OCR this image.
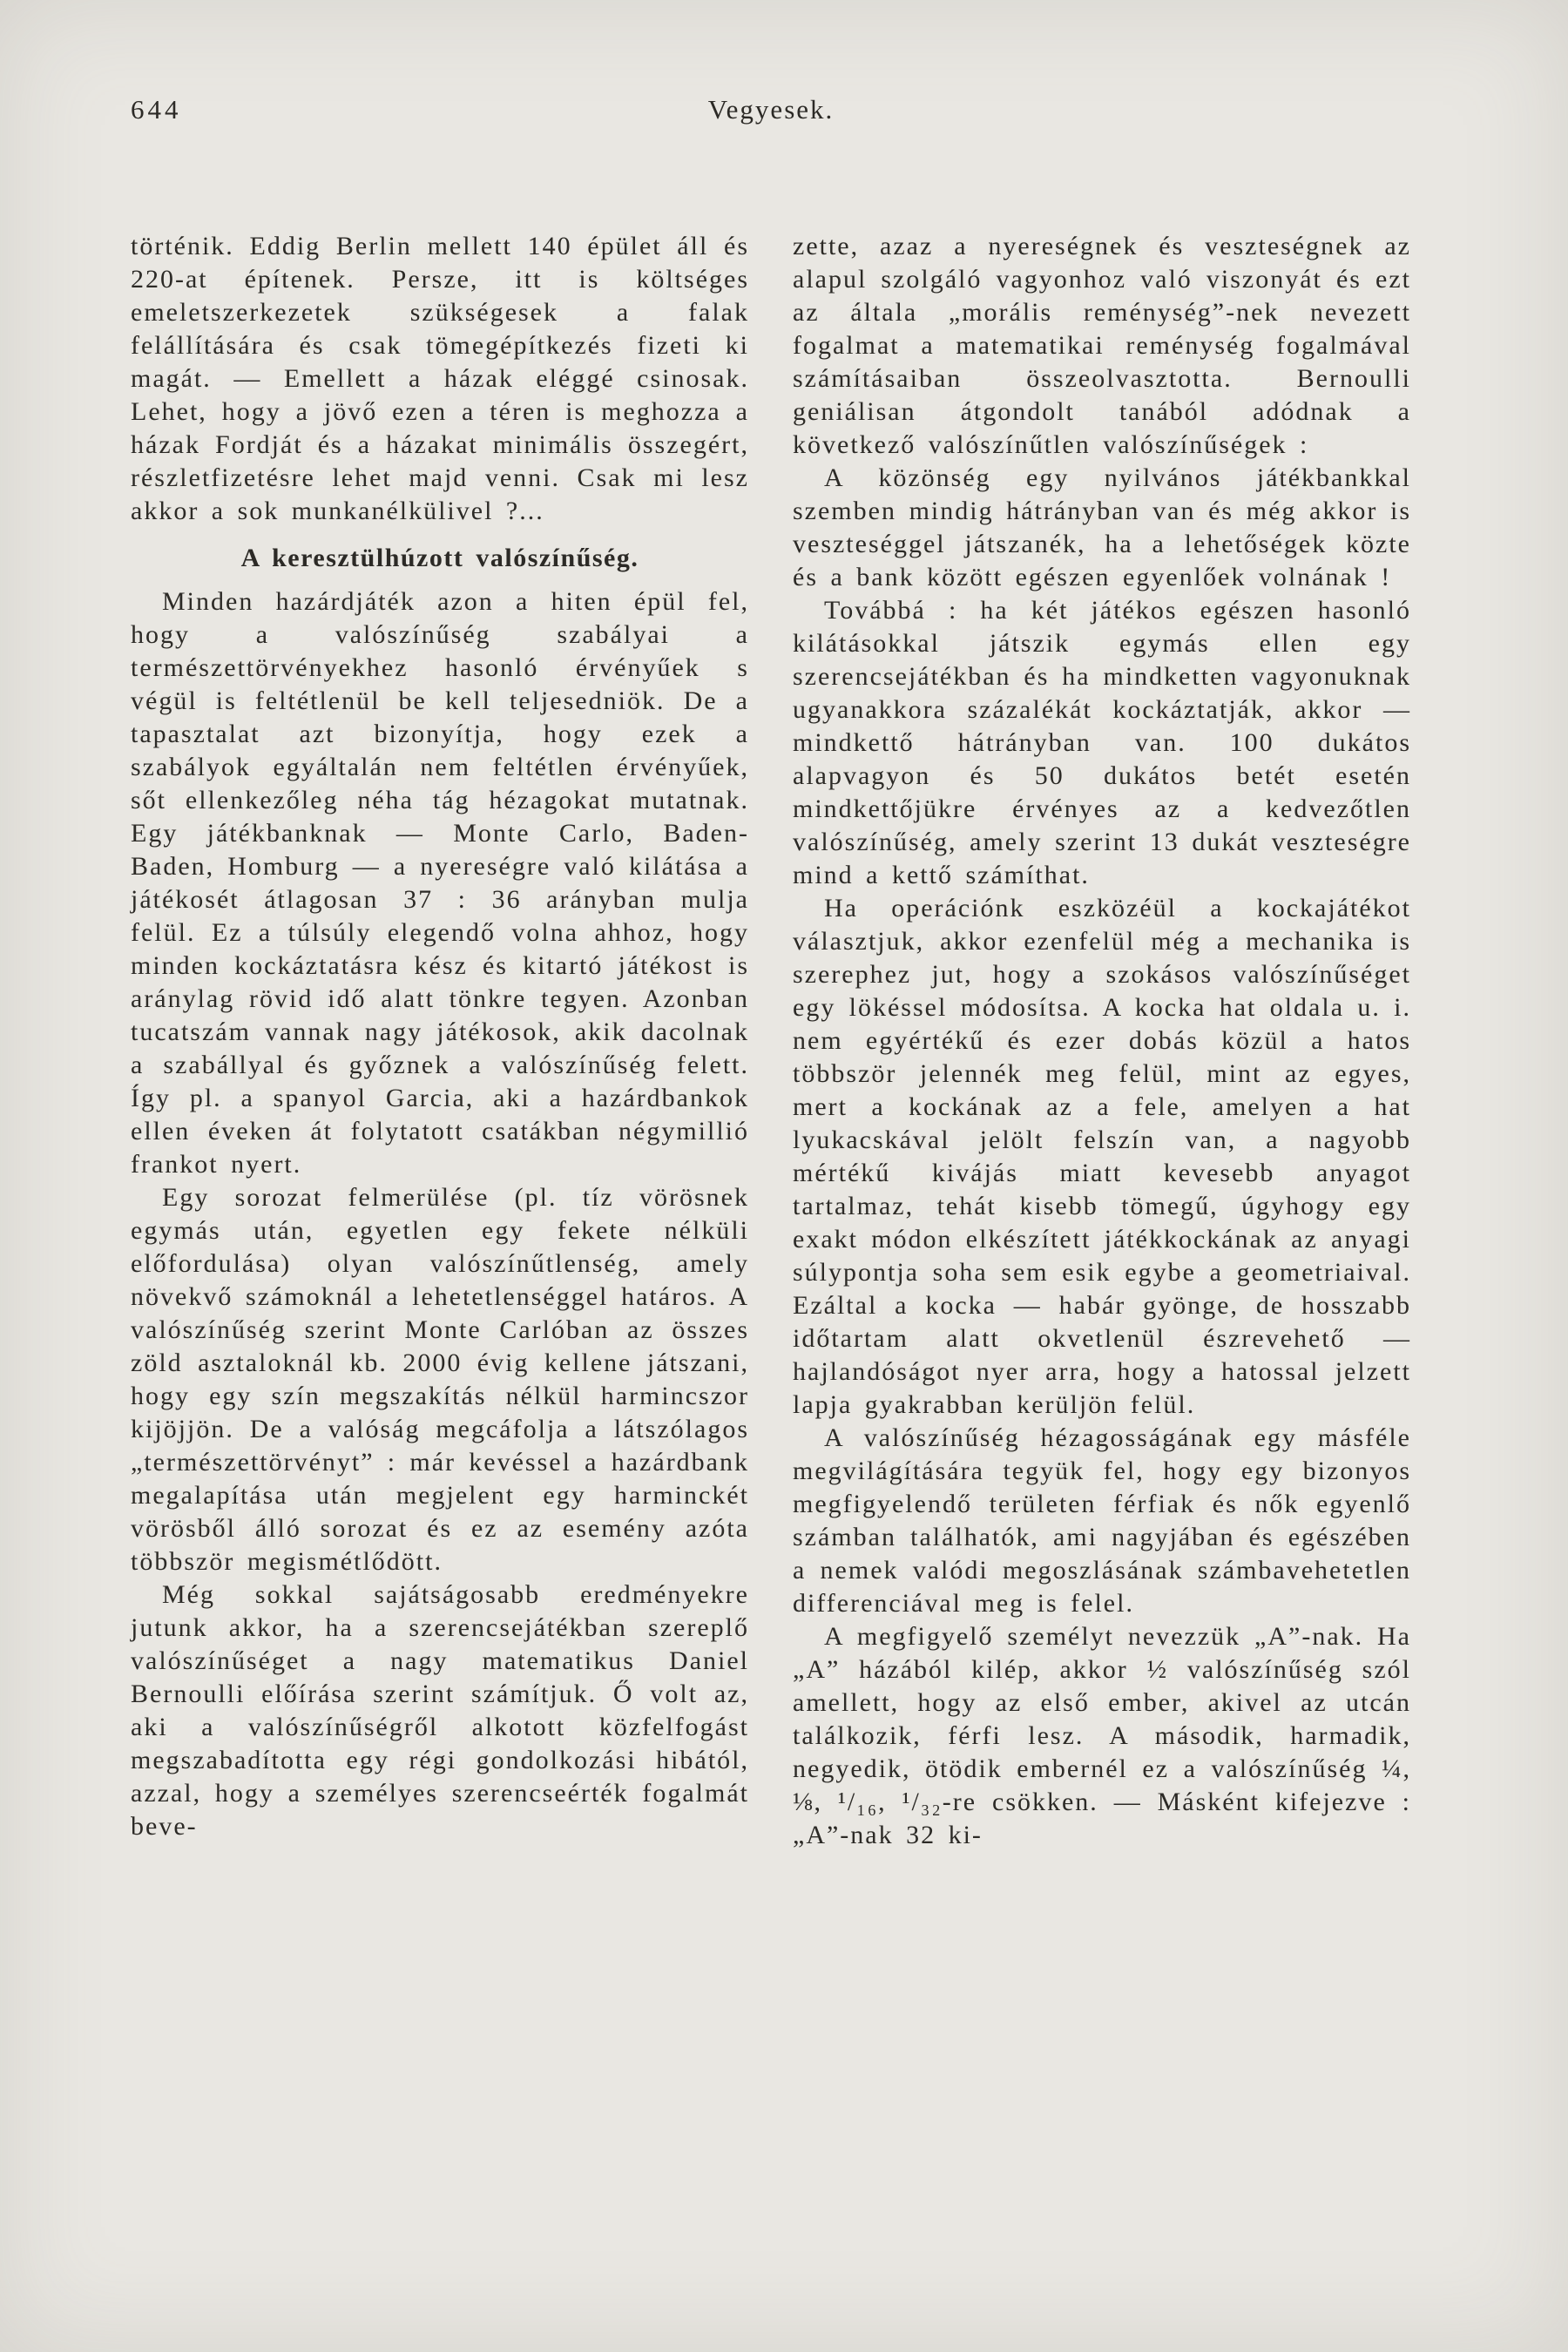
644	Vegyesek.

történik. Eddig Berlin mellett 140 épület áll és 220-at építenek. Persze, itt is költséges emeletszerkezetek szükségesek a falak felállítására és csak tömegépítkezés fizeti ki magát. — Emellett a házak eléggé csinosak. Lehet, hogy a jövő ezen a téren is meghozza a házak Fordját és a házakat minimális összegért, részletfizetésre lehet majd venni. Csak mi lesz akkor a sok munkanélkülivel ?...

A keresztülhúzott valószínűség.

Minden hazárdjáték azon a hiten épül fel, hogy a valószínűség szabályai a természettörvényekhez hasonló érvényűek s végül is feltétlenül be kell teljesedniök. De a tapasztalat azt bizonyítja, hogy ezek a szabályok egyáltalán nem feltétlen érvényűek, sőt ellenkezőleg néha tág hézagokat mutatnak. Egy játékbanknak — Monte Carlo, Baden-Baden, Homburg — a nyereségre való kilátása a játékosét átlagosan 37 : 36 arányban mulja felül. Ez a túlsúly elegendő volna ahhoz, hogy minden kockáztatásra kész és kitartó játékost is aránylag rövid idő alatt tönkre tegyen. Azonban tucatszám vannak nagy játékosok, akik dacolnak a szabállyal és győznek a valószínűség felett. Így pl. a spanyol Garcia, aki a hazárdbankok ellen éveken át folytatott csatákban négymillió frankot nyert.

Egy sorozat felmerülése (pl. tíz vörösnek egymás után, egyetlen egy fekete nélküli előfordulása) olyan valószínűtlenség, amely növekvő számoknál a lehetetlenséggel határos. A valószínűség szerint Monte Carlóban az összes zöld asztaloknál kb. 2000 évig kellene játszani, hogy egy szín megszakítás nélkül harmincszor kijöjjön. De a valóság megcáfolja a látszólagos „természettörvényt” : már kevéssel a hazárdbank megalapítása után megjelent egy harminckét vörösből álló sorozat és ez az esemény azóta többször megismétlődött.

Még sokkal sajátságosabb eredményekre jutunk akkor, ha a szerencsejátékban szereplő valószínűséget a nagy matematikus Daniel Bernoulli előírása szerint számítjuk. Ő volt az, aki a valószínűségről alkotott közfelfogást megszabadította egy régi gondolkozási hibától, azzal, hogy a személyes szerencseérték fogalmát beve-

zette, azaz a nyereségnek és veszteségnek az alapul szolgáló vagyonhoz való viszonyát és ezt az általa „morális reménység”-nek nevezett fogalmat a matematikai reménység fogalmával számításaiban összeolvasztotta. Bernoulli geniálisan átgondolt tanából adódnak a következő valószínűtlen valószínűségek :

A közönség egy nyilvános játékbankkal szemben mindig hátrányban van és még akkor is veszteséggel játszanék, ha a lehetőségek közte és a bank között egészen egyenlőek volnának !

Továbbá : ha két játékos egészen hasonló kilátásokkal játszik egymás ellen egy szerencsejátékban és ha mindketten vagyonuknak ugyanakkora százalékát kockáztatják, akkor — mindkettő hátrányban van. 100 dukátos alapvagyon és 50 dukátos betét esetén mindkettőjükre érvényes az a kedvezőtlen valószínűség, amely szerint 13 dukát veszteségre mind a kettő számíthat.

Ha operációnk eszközéül a kockajátékot választjuk, akkor ezenfelül még a mechanika is szerephez jut, hogy a szokásos valószínűséget egy lökéssel módosítsa. A kocka hat oldala u. i. nem egyértékű és ezer dobás közül a hatos többször jelennék meg felül, mint az egyes, mert a kockának az a fele, amelyen a hat lyukacskával jelölt felszín van, a nagyobb mértékű kivájás miatt kevesebb anyagot tartalmaz, tehát kisebb tömegű, úgyhogy egy exakt módon elkészített játékkockának az anyagi súlypontja soha sem esik egybe a geometriaival. Ezáltal a kocka — habár gyönge, de hosszabb időtartam alatt okvetlenül észrevehető — hajlandóságot nyer arra, hogy a hatossal jelzett lapja gyakrabban kerüljön felül.

A valószínűség hézagosságának egy másféle megvilágítására tegyük fel, hogy egy bizonyos megfigyelendő területen férfiak és nők egyenlő számban találhatók, ami nagyjában és egészében a nemek valódi megoszlásának számbavehetetlen differenciával meg is felel.

A megfigyelő személyt nevezzük „A”-nak. Ha „A” házából kilép, akkor ½ valószínűség szól amellett, hogy az első ember, akivel az utcán találkozik, férfi lesz. A második, harmadik, negyedik, ötödik embernél ez a valószínűség ¼, ⅛, ¹/₁₆, ¹/₃₂-re csökken. — Másként kifejezve : „A”-nak 32 ki-
